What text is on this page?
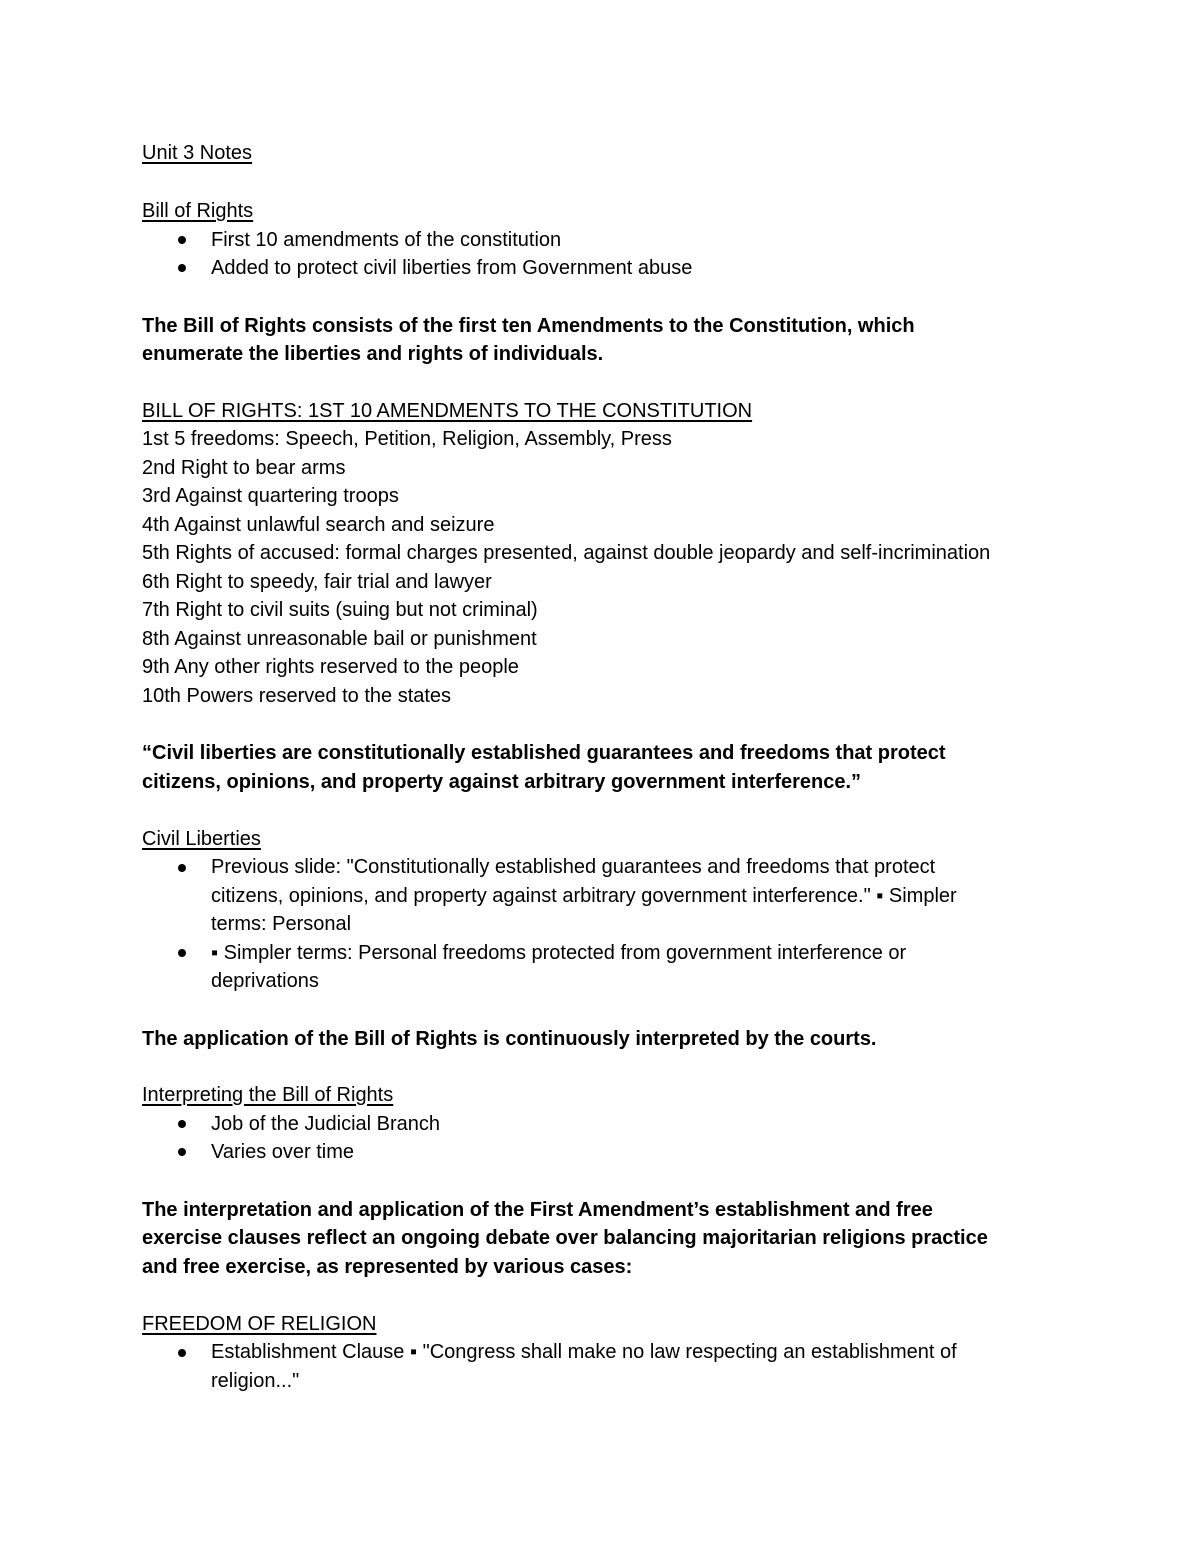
Unit 3 Notes
Bill of Rights
First 10 amendments of the constitution
Added to protect civil liberties from Government abuse
The Bill of Rights consists of the first ten Amendments to the Constitution, which
enumerate the liberties and rights of individuals.
BILL OF RIGHTS: 1ST 10 AMENDMENTS TO THE CONSTITUTION
1st 5 freedoms: Speech, Petition, Religion, Assembly, Press
2nd Right to bear arms
3rd Against quartering troops
4th Against unlawful search and seizure
5th Rights of accused: formal charges presented, against double jeopardy and self-incrimination
6th Right to speedy, fair trial and lawyer
7th Right to civil suits (suing but not criminal)
8th Against unreasonable bail or punishment
9th Any other rights reserved to the people
10th Powers reserved to the states
“Civil liberties are constitutionally established guarantees and freedoms that protect
citizens, opinions, and property against arbitrary government interference.”
Civil Liberties
Previous slide: "Constitutionally established guarantees and freedoms that protect
citizens, opinions, and property against arbitrary government interference." ▪ Simpler
terms: Personal
▪ Simpler terms: Personal freedoms protected from government interference or
deprivations
The application of the Bill of Rights is continuously interpreted by the courts.
Interpreting the Bill of Rights
Job of the Judicial Branch
Varies over time
The interpretation and application of the First Amendment’s establishment and free
exercise clauses reflect an ongoing debate over balancing majoritarian religions practice
and free exercise, as represented by various cases:
FREEDOM OF RELIGION
Establishment Clause ▪ "Congress shall make no law respecting an establishment of
religion..."
